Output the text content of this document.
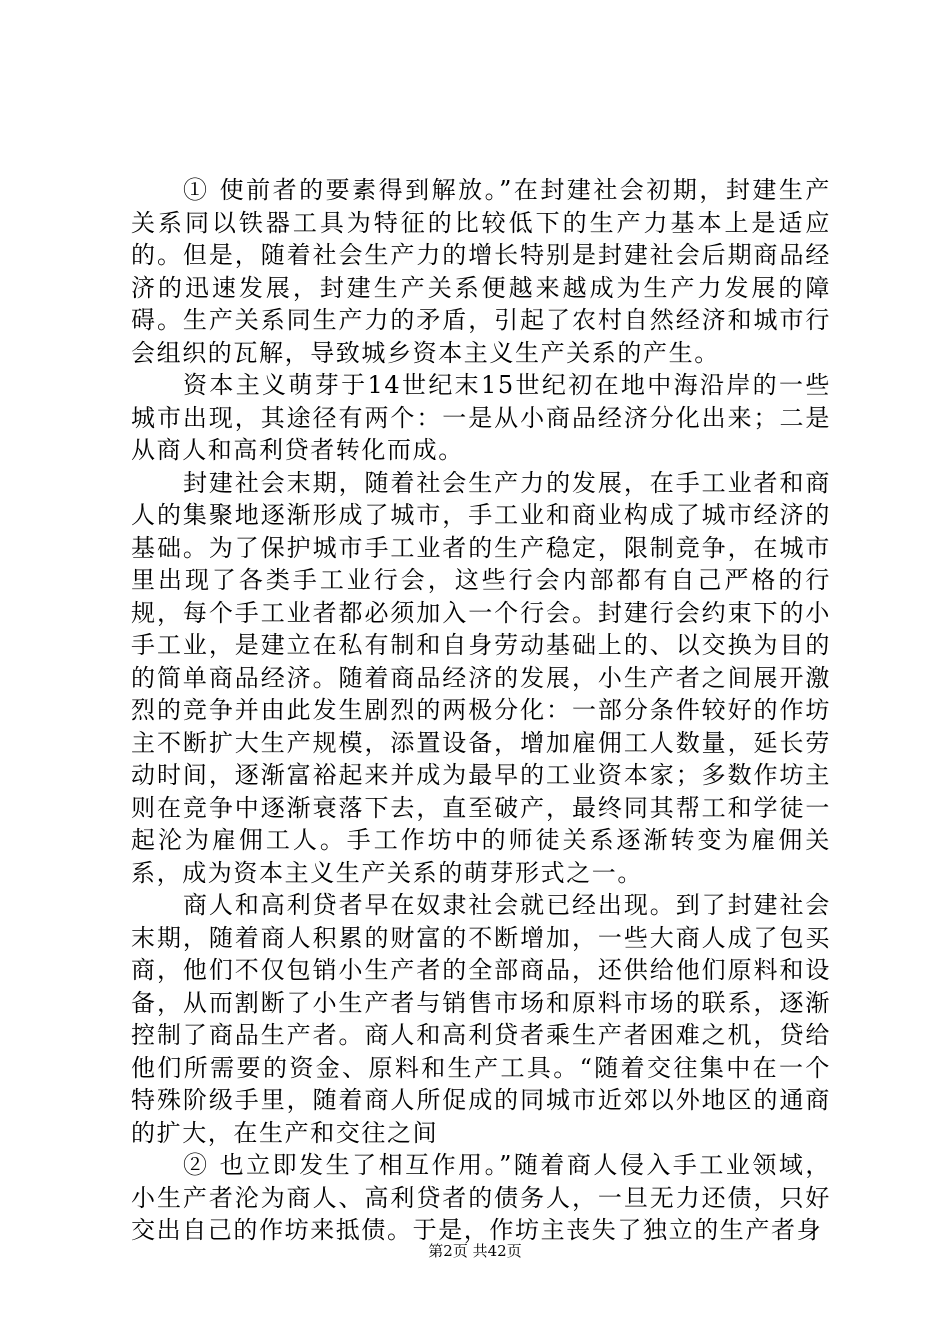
① 使前者的要素得到解放。”在封建社会初期，封建生产关系同以铁器工具为特征的比较低下的生产力基本上是适应的。但是，随着社会生产力的增长特别是封建社会后期商品经济的迅速发展，封建生产关系便越来越成为生产力发展的障碍。生产关系同生产力的矛盾，引起了农村自然经济和城市行会组织的瓦解，导致城乡资本主义生产关系的产生。

资本主义萌芽于14世纪末15世纪初在地中海沿岸的一些城市出现，其途径有两个：一是从小商品经济分化出来；二是从商人和高利贷者转化而成。

封建社会末期，随着社会生产力的发展，在手工业者和商人的集聚地逐渐形成了城市，手工业和商业构成了城市经济的基础。为了保护城市手工业者的生产稳定，限制竞争，在城市里出现了各类手工业行会，这些行会内部都有自己严格的行规，每个手工业者都必须加入一个行会。封建行会约束下的小手工业，是建立在私有制和自身劳动基础上的、以交换为目的的简单商品经济。随着商品经济的发展，小生产者之间展开激烈的竞争并由此发生剧烈的两极分化：一部分条件较好的作坊主不断扩大生产规模，添置设备，增加雇佣工人数量，延长劳动时间，逐渐富裕起来并成为最早的工业资本家；多数作坊主则在竞争中逐渐衰落下去，直至破产，最终同其帮工和学徒一起沦为雇佣工人。手工作坊中的师徒关系逐渐转变为雇佣关系，成为资本主义生产关系的萌芽形式之一。

商人和高利贷者早在奴隶社会就已经出现。到了封建社会末期，随着商人积累的财富的不断增加，一些大商人成了包买商，他们不仅包销小生产者的全部商品，还供给他们原料和设备，从而割断了小生产者与销售市场和原料市场的联系，逐渐控制了商品生产者。商人和高利贷者乘生产者困难之机，贷给他们所需要的资金、原料和生产工具。“随着交往集中在一个特殊阶级手里，随着商人所促成的同城市近郊以外地区的通商的扩大，在生产和交往之间

② 也立即发生了相互作用。”随着商人侵入手工业领域，小生产者沦为商人、高利贷者的债务人，一旦无力还债，只好交出自己的作坊来抵债。于是，作坊主丧失了独立的生产者身

第2页 共42页
